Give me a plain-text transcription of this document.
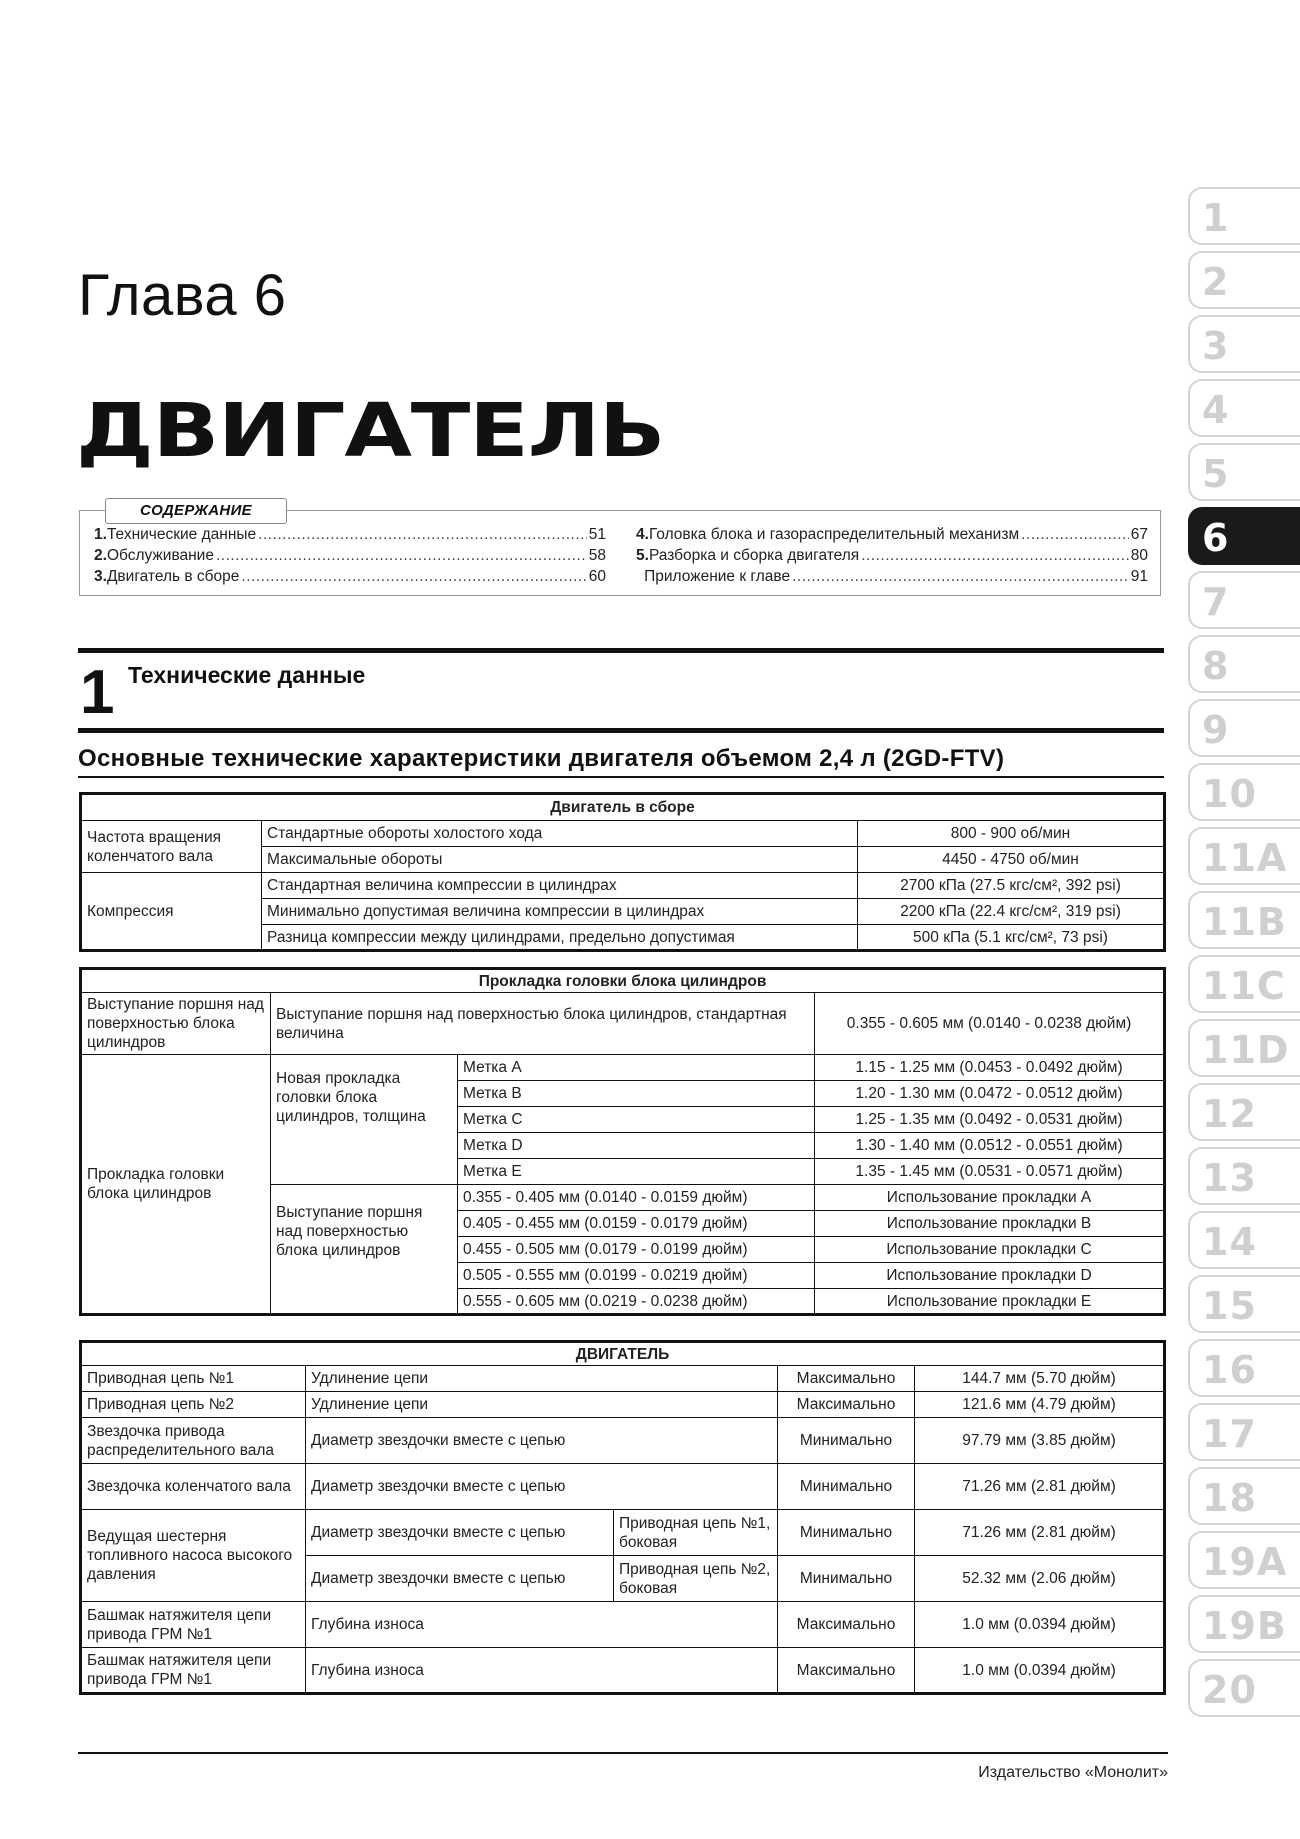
Глава 6
ДВИГАТЕЛЬ
СОДЕРЖАНИЕ
1. Технические данные .....	51
2. Обслуживание .....	58
3. Двигатель в сборе .....	60
4. Головка блока и газораспределительный механизм .....	67
5. Разборка и сборка двигателя .....	80
Приложение к главе .....	91
1 Технические данные
Основные технические характеристики двигателя объемом 2,4 л (2GD-FTV)
Двигатель в сборе		
Частота вращения коленчатого вала	Стандартные обороты холостого хода	800 - 900 об/мин
	Максимальные обороты	4450 - 4750 об/мин
Компрессия	Стандартная величина компрессии в цилиндрах	2700 кПа (27.5 кгс/см², 392 psi)
	Минимально допустимая величина компрессии в цилиндрах	2200 кПа (22.4 кгс/см², 319 psi)
	Разница компрессии между цилиндрами, предельно допустимая	500 кПа (5.1 кгс/см², 73 psi)
Прокладка головки блока цилиндров			
Выступание поршня над поверхностью блока цилиндров	Выступание поршня над поверхностью блока цилиндров, стандартная величина		0.355 - 0.605 мм (0.0140 - 0.0238 дюйм)
Прокладка головки блока цилиндров	Новая прокладка головки блока цилиндров, толщина	Метка A	1.15 - 1.25 мм (0.0453 - 0.0492 дюйм)
		Метка B	1.20 - 1.30 мм (0.0472 - 0.0512 дюйм)
		Метка C	1.25 - 1.35 мм (0.0492 - 0.0531 дюйм)
		Метка D	1.30 - 1.40 мм (0.0512 - 0.0551 дюйм)
		Метка E	1.35 - 1.45 мм (0.0531 - 0.0571 дюйм)
	Выступание поршня над поверхностью блока цилиндров	0.355 - 0.405 мм (0.0140 - 0.0159 дюйм)	Использование прокладки A
		0.405 - 0.455 мм (0.0159 - 0.0179 дюйм)	Использование прокладки B
		0.455 - 0.505 мм (0.0179 - 0.0199 дюйм)	Использование прокладки C
		0.505 - 0.555 мм (0.0199 - 0.0219 дюйм)	Использование прокладки D
		0.555 - 0.605 мм (0.0219 - 0.0238 дюйм)	Использование прокладки E
ДВИГАТЕЛЬ				
Приводная цепь №1	Удлинение цепи		Максимально	144.7 мм (5.70 дюйм)
Приводная цепь №2	Удлинение цепи		Максимально	121.6 мм (4.79 дюйм)
Звездочка привода распределительного вала	Диаметр звездочки вместе с цепью		Минимально	97.79 мм (3.85 дюйм)
Звездочка коленчатого вала	Диаметр звездочки вместе с цепью		Минимально	71.26 мм (2.81 дюйм)
Ведущая шестерня топливного насоса высокого давления	Диаметр звездочки вместе с цепью	Приводная цепь №1, боковая	Минимально	71.26 мм (2.81 дюйм)
	Диаметр звездочки вместе с цепью	Приводная цепь №2, боковая	Минимально	52.32 мм (2.06 дюйм)
Башмак натяжителя цепи привода ГРМ №1	Глубина износа		Максимально	1.0 мм (0.0394 дюйм)
Башмак натяжителя цепи привода ГРМ №1	Глубина износа		Максимально	1.0 мм (0.0394 дюйм)
1
2
3
4
5
6
7
8
9
10
11A
11B
11C
11D
12
13
14
15
16
17
18
19A
19B
20
Издательство «Монолит»
